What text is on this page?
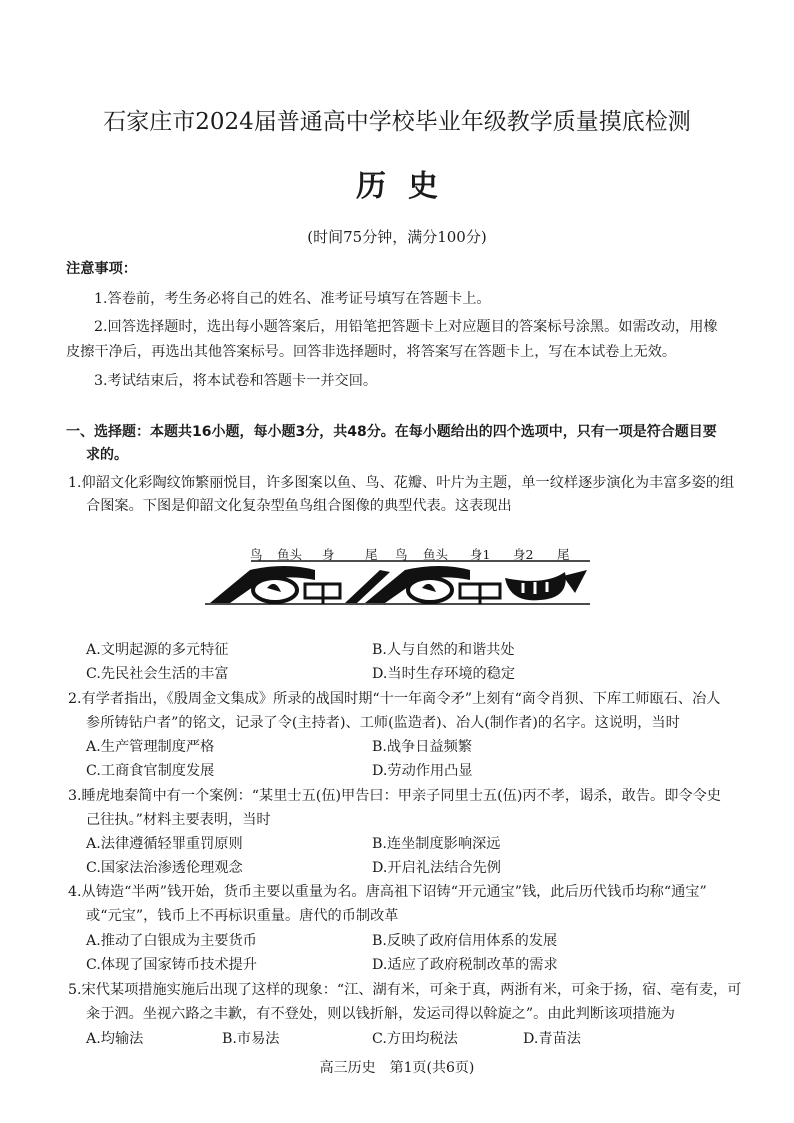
石家庄市2024届普通高中学校毕业年级教学质量摸底检测
历史
(时间75分钟，满分100分)
注意事项：
1.答卷前，考生务必将自己的姓名、准考证号填写在答题卡上。
2.回答选择题时，选出每小题答案后，用铅笔把答题卡上对应题目的答案标号涂黑。如需改动，用橡
皮擦干净后，再选出其他答案标号。回答非选择题时，将答案写在答题卡上，写在本试卷上无效。
3.考试结束后，将本试卷和答题卡一并交回。
一、选择题：本题共16小题，每小题3分，共48分。在每小题给出的四个选项中，只有一项是符合题目要
求的。
1.仰韶文化彩陶纹饰繁丽悦目，许多图案以鱼、鸟、花瓣、叶片为主题，单一纹样逐步演化为丰富多姿的组
合图案。下图是仰韶文化复杂型鱼鸟组合图像的典型代表。这表现出
鸟 鱼头 身 尾 鸟 鱼头 身1 身2 尾
A.文明起源的多元特征	B.人与自然的和谐共处
C.先民社会生活的丰富	D.当时生存环境的稳定
2.有学者指出，《殷周金文集成》所录的战国时期“十一年啇令矛”上刻有“啇令肖狈、下库工师瓯石、冶人
参所铸钻户者”的铭文，记录了令(主持者)、工师(监造者)、冶人(制作者)的名字。这说明，当时
A.生产管理制度严格	B.战争日益频繁
C.工商食官制度发展	D.劳动作用凸显
3.睡虎地秦简中有一个案例：“某里士五(伍)甲告曰：甲亲子同里士五(伍)丙不孝，谒杀，敢告。即令令史
己往执。”材料主要表明，当时
A.法律遵循轻罪重罚原则	B.连坐制度影响深远
C.国家法治渗透伦理观念	D.开启礼法结合先例
4.从铸造“半两”钱开始，货币主要以重量为名。唐高祖下诏铸“开元通宝”钱，此后历代钱币均称“通宝”
或“元宝”，钱币上不再标识重量。唐代的币制改革
A.推动了白银成为主要货币	B.反映了政府信用体系的发展
C.体现了国家铸币技术提升	D.适应了政府税制改革的需求
5.宋代某项措施实施后出现了这样的现象：“江、湖有米，可籴于真，两浙有米，可籴于扬，宿、亳有麦，可
籴于泗。坐视六路之丰歉，有不登处，则以钱折斛，发运司得以斡旋之”。由此判断该项措施为
A.均输法	B.市易法	C.方田均税法	D.青苗法
高三历史　第1页(共6页)
